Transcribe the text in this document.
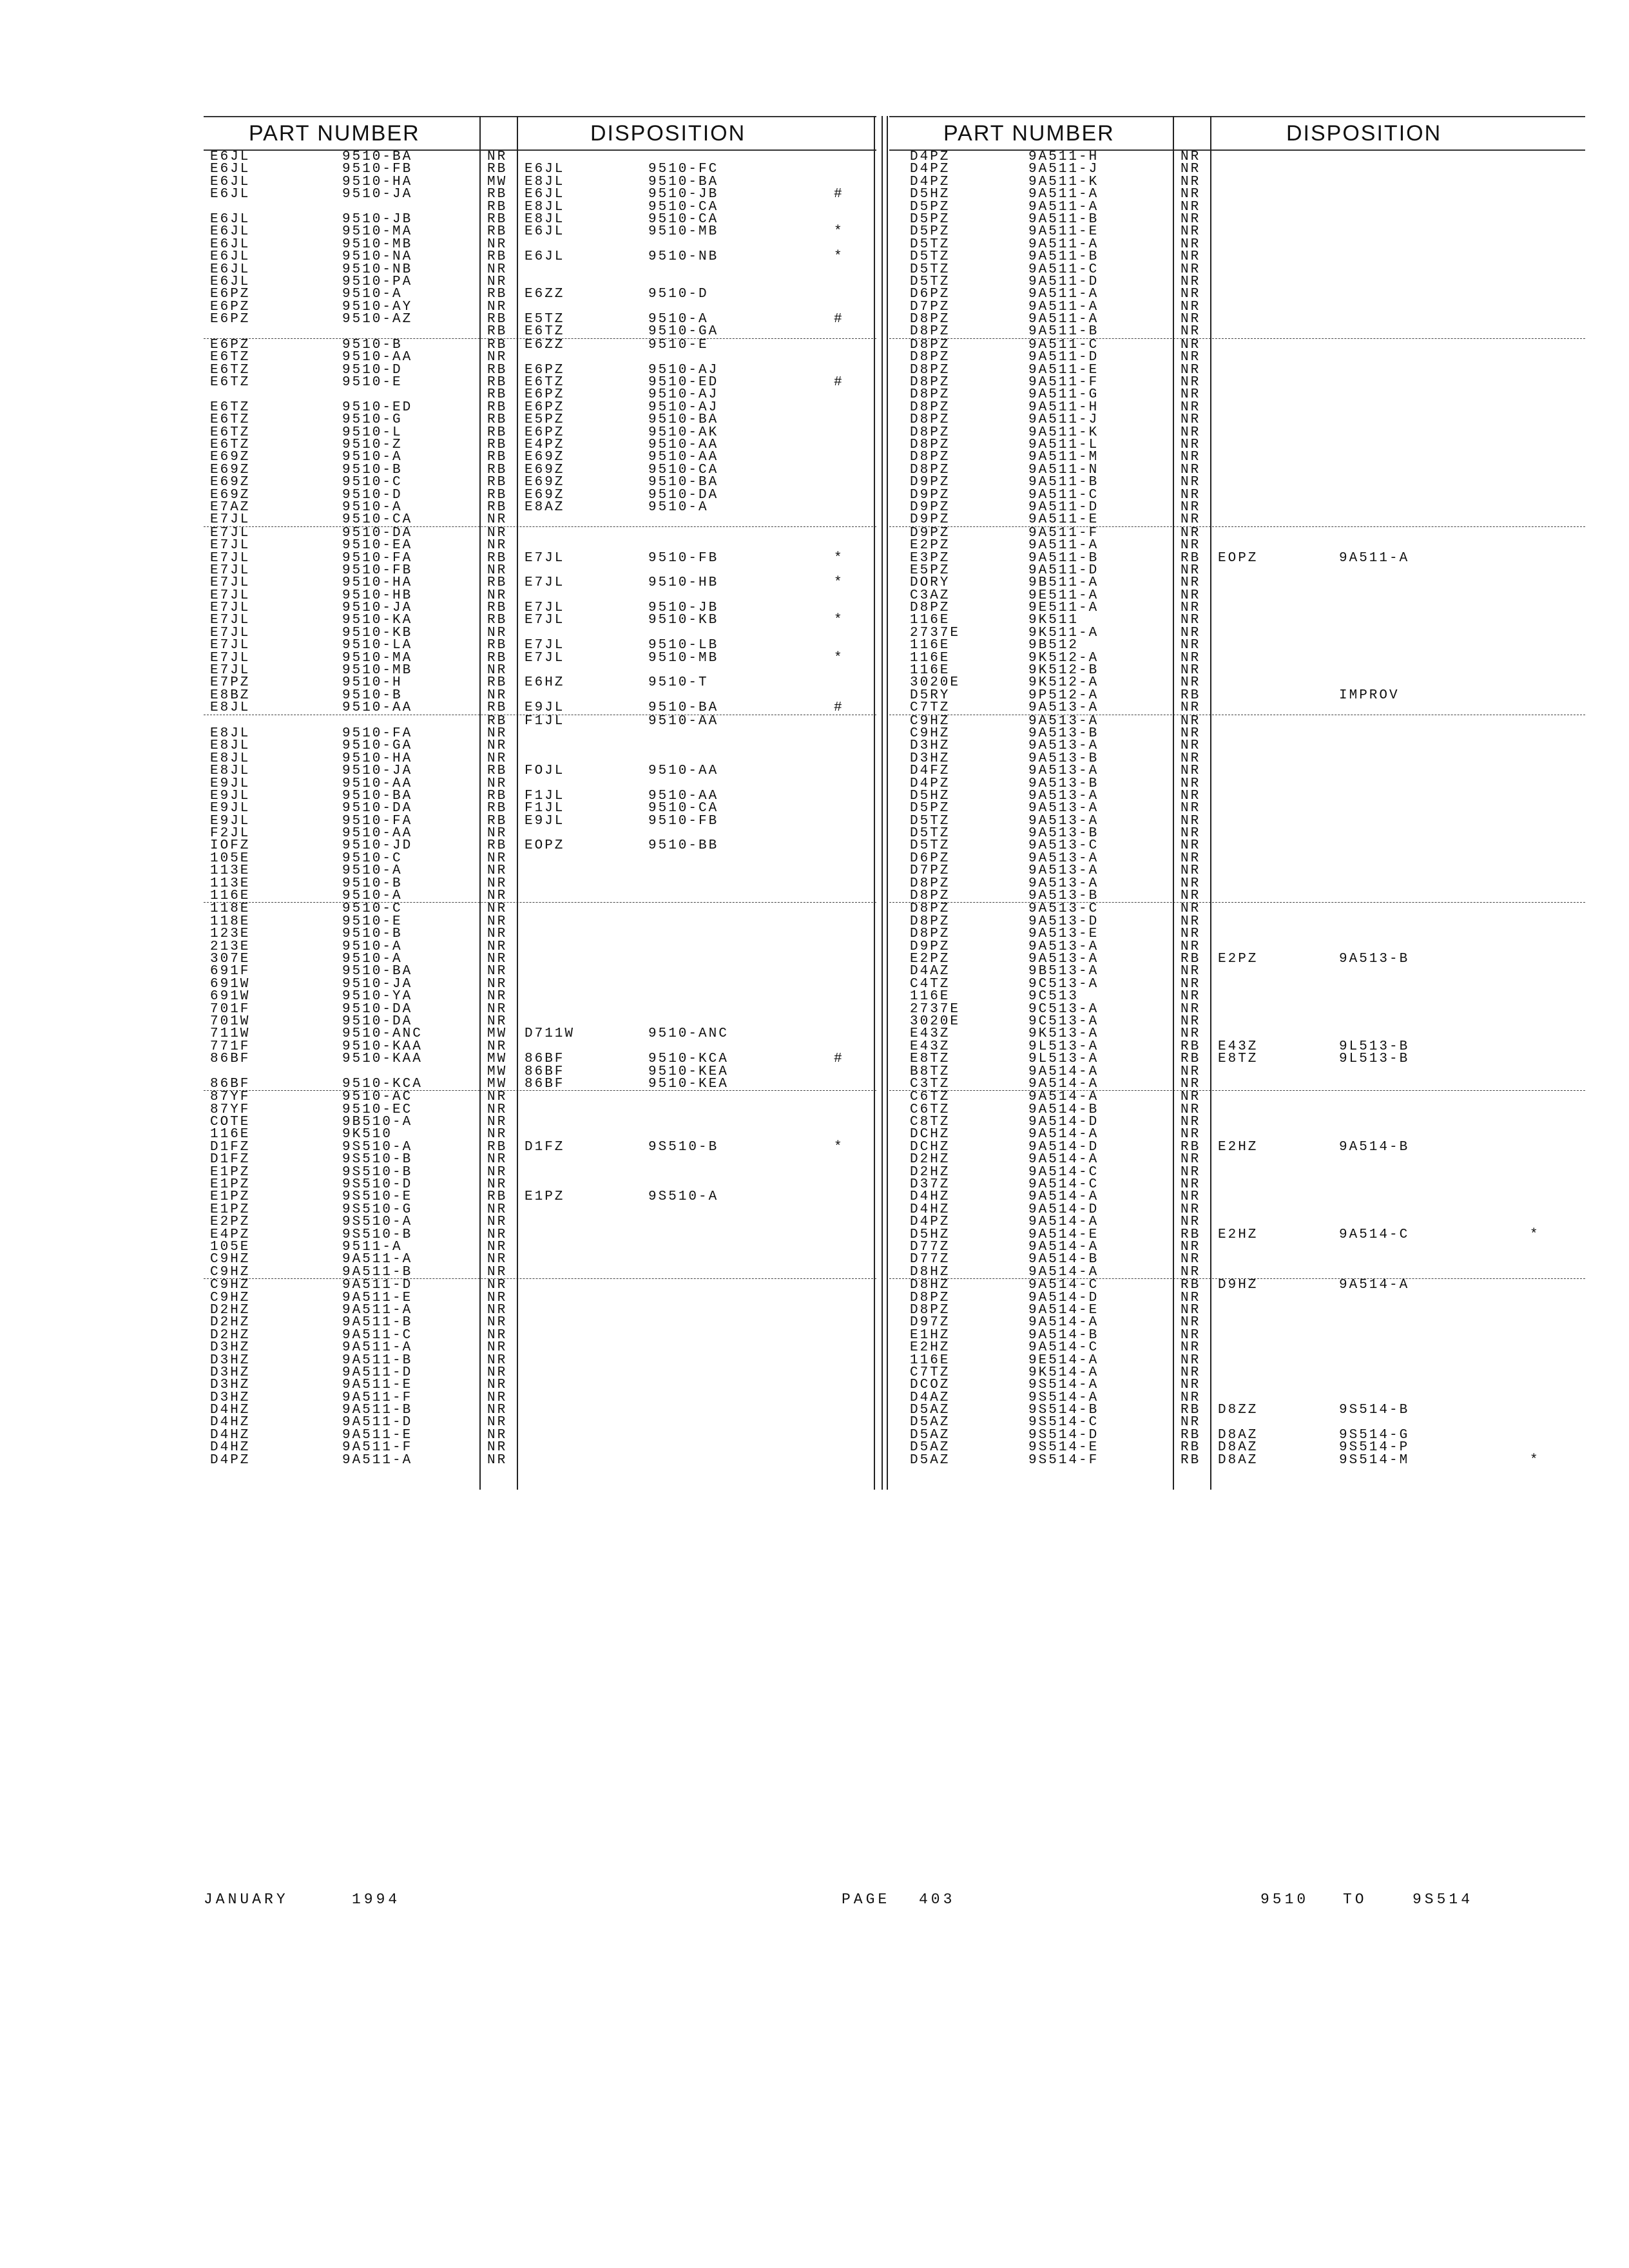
PART NUMBER	DISPOSITION
E6JL	9510-BA	NR
E6JL	9510-FB	RB E6JL	9510-FC
E6JL	9510-HA	MW E8JL	9510-BA
E6JL	9510-JA	RB E6JL	9510-JB	#
RB E8JL	9510-CA
E6JL	9510-JB	RB E8JL	9510-CA
E6JL	9510-MA	RB E6JL	9510-MB	*
E6JL	9510-MB	NR
E6JL	9510-NA	RB E6JL	9510-NB	*
E6JL	9510-NB	NR
E6JL	9510-PA	NR
E6PZ	9510-A	RB E6ZZ	9510-D
E6PZ	9510-AY	NR
E6PZ	9510-AZ	RB E5TZ	9510-A	#
RB E6TZ	9510-GA
E6PZ	9510-B	RB E6ZZ	9510-E
E6TZ	9510-AA	NR
E6TZ	9510-D	RB E6PZ	9510-AJ
E6TZ	9510-E	RB E6TZ	9510-ED	#
RB E6PZ	9510-AJ
E6TZ	9510-ED	RB E6PZ	9510-AJ
E6TZ	9510-G	RB E5PZ	9510-BA
E6TZ	9510-L	RB E6PZ	9510-AK
E6TZ	9510-Z	RB E4PZ	9510-AA
E69Z	9510-A	RB E69Z	9510-AA
E69Z	9510-B	RB E69Z	9510-CA
E69Z	9510-C	RB E69Z	9510-BA
E69Z	9510-D	RB E69Z	9510-DA
E7AZ	9510-A	RB E8AZ	9510-A
E7JL	9510-CA	NR
E7JL	9510-DA	NR
E7JL	9510-EA	NR
E7JL	9510-FA	RB E7JL	9510-FB	*
E7JL	9510-FB	NR
E7JL	9510-HA	RB E7JL	9510-HB	*
E7JL	9510-HB	NR
E7JL	9510-JA	RB E7JL	9510-JB
E7JL	9510-KA	RB E7JL	9510-KB	*
E7JL	9510-KB	NR
E7JL	9510-LA	RB E7JL	9510-LB
E7JL	9510-MA	RB E7JL	9510-MB	*
E7JL	9510-MB	NR
E7PZ	9510-H	RB E6HZ	9510-T
E8BZ	9510-B	NR
E8JL	9510-AA	RB E9JL	9510-BA	#
RB F1JL	9510-AA
E8JL	9510-FA	NR
E8JL	9510-GA	NR
E8JL	9510-HA	NR
E8JL	9510-JA	RB FOJL	9510-AA
E9JL	9510-AA	NR
E9JL	9510-BA	RB F1JL	9510-AA
E9JL	9510-DA	RB F1JL	9510-CA
E9JL	9510-FA	RB E9JL	9510-FB
F2JL	9510-AA	NR
IOFZ	9510-JD	RB EOPZ	9510-BB
105E	9510-C	NR
113E	9510-A	NR
113E	9510-B	NR
116E	9510-A	NR
118E	9510-C	NR
118E	9510-E	NR
123E	9510-B	NR
213E	9510-A	NR
307E	9510-A	NR
691F	9510-BA	NR
691W	9510-JA	NR
691W	9510-YA	NR
701F	9510-DA	NR
701W	9510-DA	NR
711W	9510-ANC	MW D711W	9510-ANC
771F	9510-KAA	NR
86BF	9510-KAA	MW 86BF	9510-KCA	#
MW 86BF	9510-KEA
86BF	9510-KCA	MW 86BF	9510-KEA
87YF	9510-AC	NR
87YF	9510-EC	NR
COTE	9B510-A	NR
116E	9K510	NR
D1FZ	9S510-A	RB D1FZ	9S510-B	*
D1FZ	9S510-B	NR
E1PZ	9S510-B	NR
E1PZ	9S510-D	NR
E1PZ	9S510-E	RB E1PZ	9S510-A
E1PZ	9S510-G	NR
E2PZ	9S510-A	NR
E4PZ	9S510-B	NR
105E	9511-A	NR
C9HZ	9A511-A	NR
C9HZ	9A511-B	NR
C9HZ	9A511-D	NR
C9HZ	9A511-E	NR
D2HZ	9A511-A	NR
D2HZ	9A511-B	NR
D2HZ	9A511-C	NR
D3HZ	9A511-A	NR
D3HZ	9A511-B	NR
D3HZ	9A511-D	NR
D3HZ	9A511-E	NR
D3HZ	9A511-F	NR
D4HZ	9A511-B	NR
D4HZ	9A511-D	NR
D4HZ	9A511-E	NR
D4HZ	9A511-F	NR
D4PZ	9A511-A	NR
PART NUMBER	DISPOSITION
D4PZ	9A511-H	NR
D4PZ	9A511-J	NR
D4PZ	9A511-K	NR
D5HZ	9A511-A	NR
D5PZ	9A511-A	NR
D5PZ	9A511-B	NR
D5PZ	9A511-E	NR
D5TZ	9A511-A	NR
D5TZ	9A511-B	NR
D5TZ	9A511-C	NR
D5TZ	9A511-D	NR
D6PZ	9A511-A	NR
D7PZ	9A511-A	NR
D8PZ	9A511-A	NR
D8PZ	9A511-B	NR
D8PZ	9A511-C	NR
D8PZ	9A511-D	NR
D8PZ	9A511-E	NR
D8PZ	9A511-F	NR
D8PZ	9A511-G	NR
D8PZ	9A511-H	NR
D8PZ	9A511-J	NR
D8PZ	9A511-K	NR
D8PZ	9A511-L	NR
D8PZ	9A511-M	NR
D8PZ	9A511-N	NR
D9PZ	9A511-B	NR
D9PZ	9A511-C	NR
D9PZ	9A511-D	NR
D9PZ	9A511-E	NR
D9PZ	9A511-F	NR
E2PZ	9A511-A	NR
E3PZ	9A511-B	RB EOPZ	9A511-A
E5PZ	9A511-D	NR
DORY	9B511-A	NR
C3AZ	9E511-A	NR
D8PZ	9E511-A	NR
116E	9K511	NR
2737E	9K511-A	NR
116E	9B512	NR
116E	9K512-A	NR
116E	9K512-B	NR
3020E	9K512-A	NR
D5RY	9P512-A	RB	IMPROV
C7TZ	9A513-A	NR
C9HZ	9A513-A	NR
C9HZ	9A513-B	NR
D3HZ	9A513-A	NR
D3HZ	9A513-B	NR
D4FZ	9A513-A	NR
D4PZ	9A513-B	NR
D5HZ	9A513-A	NR
D5PZ	9A513-A	NR
D5TZ	9A513-A	NR
D5TZ	9A513-B	NR
D5TZ	9A513-C	NR
D6PZ	9A513-A	NR
D7PZ	9A513-A	NR
D8PZ	9A513-A	NR
D8PZ	9A513-B	NR
D8PZ	9A513-C	NR
D8PZ	9A513-D	NR
D8PZ	9A513-E	NR
D9PZ	9A513-A	NR
E2PZ	9A513-A	RB E2PZ	9A513-B
D4AZ	9B513-A	NR
C4TZ	9C513-A	NR
116E	9C513	NR
2737E	9C513-A	NR
3020E	9C513-A	NR
E43Z	9K513-A	NR
E43Z	9L513-A	RB E43Z	9L513-B
E8TZ	9L513-A	RB E8TZ	9L513-B
B8TZ	9A514-A	NR
C3TZ	9A514-A	NR
C6TZ	9A514-A	NR
C6TZ	9A514-B	NR
C8TZ	9A514-D	NR
DCHZ	9A514-A	NR
DCHZ	9A514-D	RB E2HZ	9A514-B
D2HZ	9A514-A	NR
D2HZ	9A514-C	NR
D37Z	9A514-C	NR
D4HZ	9A514-A	NR
D4HZ	9A514-D	NR
D4PZ	9A514-A	NR
D5HZ	9A514-E	RB E2HZ	9A514-C	*
D77Z	9A514-A	NR
D77Z	9A514-B	NR
D8HZ	9A514-A	NR
D8HZ	9A514-C	RB D9HZ	9A514-A
D8PZ	9A514-D	NR
D8PZ	9A514-E	NR
D97Z	9A514-A	NR
E1HZ	9A514-B	NR
E2HZ	9A514-C	NR
116E	9E514-A	NR
C7TZ	9K514-A	NR
DCOZ	9S514-A	NR
D4AZ	9S514-A	NR
D5AZ	9S514-B	RB D8ZZ	9S514-B
D5AZ	9S514-C	NR
D5AZ	9S514-D	RB D8AZ	9S514-G
D5AZ	9S514-E	RB D8AZ	9S514-P
D5AZ	9S514-F	RB D8AZ	9S514-M	*
JANUARY	1994	PAGE 403	9510 TO	9S514
